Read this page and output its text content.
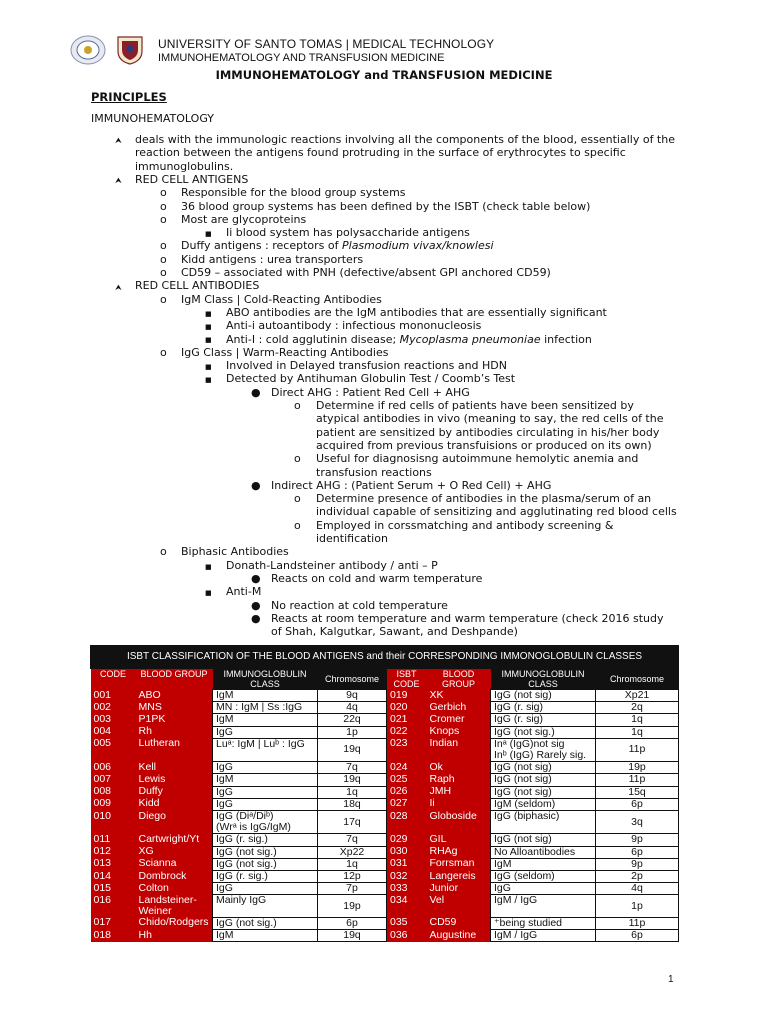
UNIVERSITY OF SANTO TOMAS | MEDICAL TECHNOLOGY
IMMUNOHEMATOLOGY AND TRANSFUSION MEDICINE
IMMUNOHEMATOLOGY and TRANSFUSION MEDICINE
PRINCIPLES
IMMUNOHEMATOLOGY
⮝ deals with the immunologic reactions involving all the components of the blood, essentially of the
reaction between the antigens found protruding in the surface of erythrocytes to specific
immunoglobulins.
⮝ RED CELL ANTIGENS
o Responsible for the blood group systems
o 36 blood group systems has been defined by the ISBT (check table below)
o Most are glycoproteins
■ Ii blood system has polysaccharide antigens
o Duffy antigens : receptors of Plasmodium vivax/knowlesi
o Kidd antigens : urea transporters
o CD59 – associated with PNH (defective/absent GPI anchored CD59)
⮝ RED CELL ANTIBODIES
o IgM Class | Cold-Reacting Antibodies
■ ABO antibodies are the IgM antibodies that are essentially significant
■ Anti-i autoantibody : infectious mononucleosis
■ Anti-I : cold agglutinin disease; Mycoplasma pneumoniae infection
o IgG Class | Warm-Reacting Antibodies
■ Involved in Delayed transfusion reactions and HDN
■ Detected by Antihuman Globulin Test / Coomb’s Test
● Direct AHG : Patient Red Cell + AHG
o Determine if red cells of patients have been sensitized by
atypical antibodies in vivo (meaning to say, the red cells of the
patient are sensitized by antibodies circulating in his/her body
acquired from previous transfuisions or produced on its own)
o Useful for diagnosisng autoimmune hemolytic anemia and
transfusion reactions
● Indirect AHG : (Patient Serum + O Red Cell) + AHG
o Determine presence of antibodies in the plasma/serum of an
individual capable of sensitizing and agglutinating red blood cells
o Employed in corssmatching and antibody screening &
identification
o Biphasic Antibodies
■ Donath-Landsteiner antibody / anti – P
● Reacts on cold and warm temperature
■ Anti-M
● No reaction at cold temperature
● Reacts at room temperature and warm temperature (check 2016 study
of Shah, Kalgutkar, Sawant, and Deshpande)
ISBT CLASSIFICATION OF THE BLOOD ANTIGENS and their CORRESPONDING IMMONOGLOBULIN CLASSES							
CODE	BLOOD GROUP	IMMUNOGLOBULIN CLASS	Chromosome	ISBT CODE	BLOOD GROUP	IMMUNOGLOBULIN CLASS	Chromosome
001	ABO	IgM	9q	019	XK	IgG (not sig)	Xp21
002	MNS	MN : IgM | Ss :IgG	4q	020	Gerbich	IgG (r. sig)	2q
003	P1PK	IgM	22q	021	Cromer	IgG (r. sig)	1q
004	Rh	IgG	1p	022	Knops	IgG (not sig.)	1q
005	Lutheran	Luᵃ: IgM | Luᵇ : IgG	19q	023	Indian	Inᵃ (IgG)not sig
Inᵇ (IgG) Rarely sig.	11p
006	Kell	IgG	7q	024	Ok	IgG (not sig)	19p
007	Lewis	IgM	19q	025	Raph	IgG (not sig)	11p
008	Duffy	IgG	1q	026	JMH	IgG (not sig)	15q
009	Kidd	IgG	18q	027	Ii	IgM (seldom)	6p
010	Diego	IgG (Diᵃ/Diᵇ)
(Wrᵃ is IgG/IgM)	17q	028	Globoside	IgG (biphasic)	3q
011	Cartwright/Yt	IgG (r. sig.)	7q	029	GIL	IgG (not sig)	9p
012	XG	IgG (not sig.)	Xp22	030	RHAg	No Alloantibodies	6p
013	Scianna	IgG (not sig.)	1q	031	Forrsman	IgM	9p
014	Dombrock	IgG (r. sig.)	12p	032	Langereis	IgG (seldom)	2p
015	Colton	IgG	7p	033	Junior	IgG	4q
016	Landsteiner-Weiner	Mainly IgG	19p	034	Vel	IgM / IgG	1p
017	Chido/Rodgers	IgG (not sig.)	6p	035	CD59	⁺being studied	11p
018	Hh	IgM	19q	036	Augustine	IgM / IgG	6p
1
